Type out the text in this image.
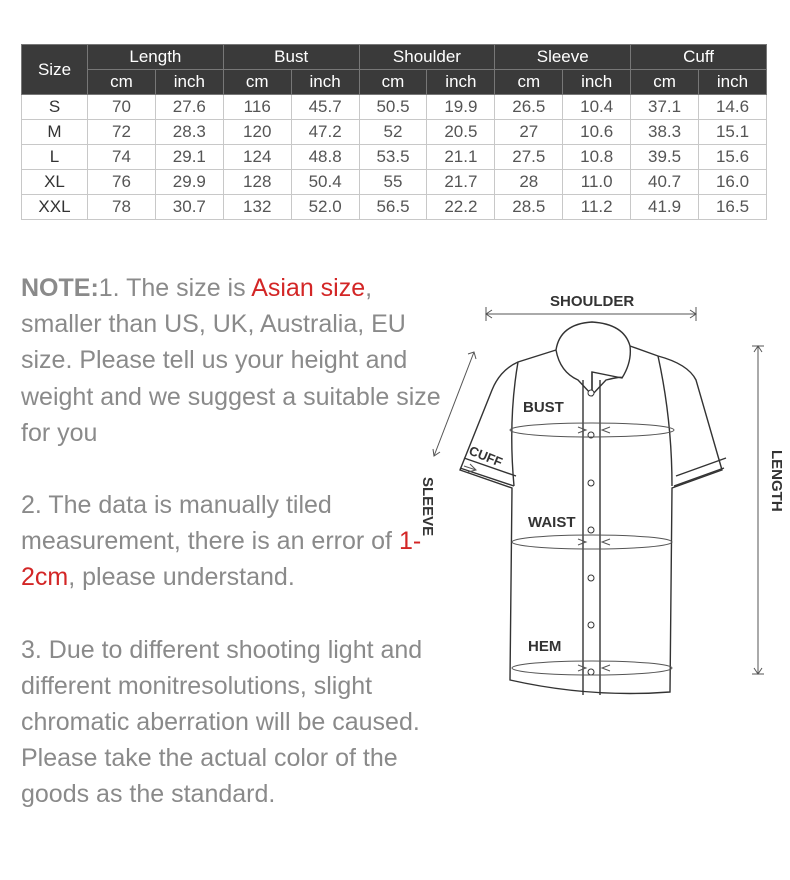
Size	Length		Bust		Shoulder		Sleeve		Cuff	
	cm	inch	cm	inch	cm	inch	cm	inch	cm	inch
S	70	27.6	116	45.7	50.5	19.9	26.5	10.4	37.1	14.6
M	72	28.3	120	47.2	52	20.5	27	10.6	38.3	15.1
L	74	29.1	124	48.8	53.5	21.1	27.5	10.8	39.5	15.6
XL	76	29.9	128	50.4	55	21.7	28	11.0	40.7	16.0
XXL	78	30.7	132	52.0	56.5	22.2	28.5	11.2	41.9	16.5

NOTE:1. The size is Asian size, smaller than US, UK, Australia, EU size. Please tell us your height and weight and we suggest a suitable size for you

2. The data is manually tiled measurement, there is an error of 1-2cm, please understand.

3. Due to different shooting light and different monitresolutions, slight chromatic aberration will be caused. Please take the actual color of the goods as the standard.

SHOULDER
BUST
CUFF
WAIST
HEM
SLEEVE	LENGTH
